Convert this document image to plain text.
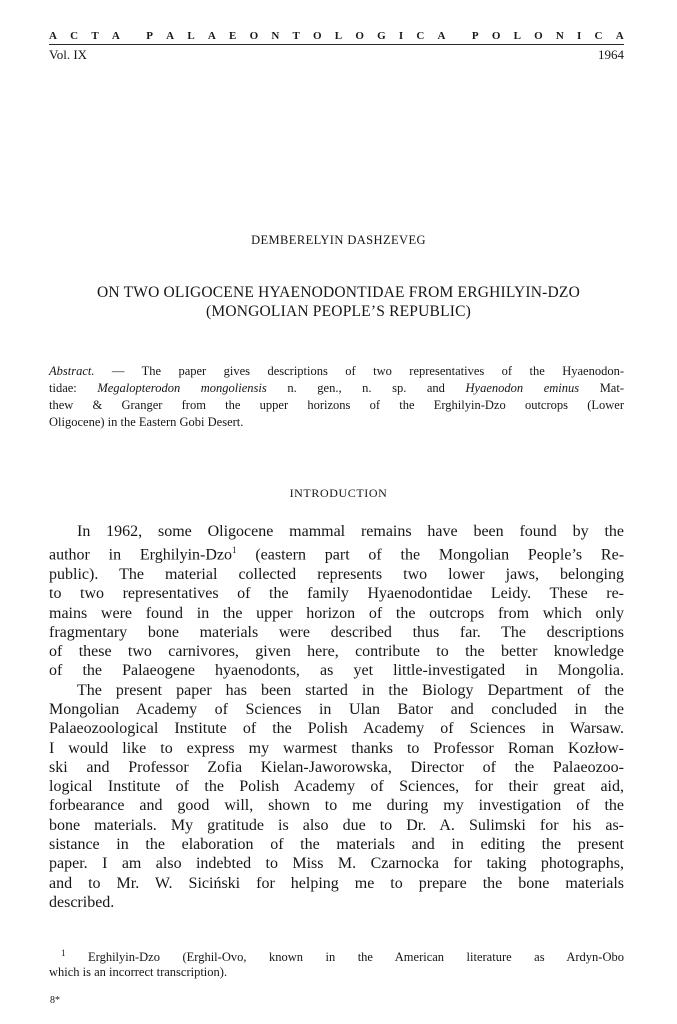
A C T A P A L A E O N T O L O G I C A P O L O N I C A
Vol. IX	1964
DEMBERELYIN DASHZEVEG
ON TWO OLIGOCENE HYAENODONTIDAE FROM ERGHILYIN-DZO
(MONGOLIAN PEOPLE’S REPUBLIC)
Abstract. — The paper gives descriptions of two representatives of the Hyaenodon-
tidae: Megalopterodon mongoliensis n. gen., n. sp. and Hyaenodon eminus Mat-
thew & Granger from the upper horizons of the Erghilyin-Dzo outcrops (Lower
Oligocene) in the Eastern Gobi Desert.
INTRODUCTION
In 1962, some Oligocene mammal remains have been found by the
author in Erghilyin-Dzo$^1$ (eastern part of the Mongolian People’s Re-
public). The material collected represents two lower jaws, belonging
to two representatives of the family Hyaenodontidae Leidy. These re-
mains were found in the upper horizon of the outcrops from which only
fragmentary bone materials were described thus far. The descriptions
of these two carnivores, given here, contribute to the better knowledge
of the Palaeogene hyaenodonts, as yet little-investigated in Mongolia.
The present paper has been started in the Biology Department of the
Mongolian Academy of Sciences in Ulan Bator and concluded in the
Palaeozoological Institute of the Polish Academy of Sciences in Warsaw.
I would like to express my warmest thanks to Professor Roman Kozłow-
ski and Professor Zofia Kielan-Jaworowska, Director of the Palaeozoo-
logical Institute of the Polish Academy of Sciences, for their great aid,
forbearance and good will, shown to me during my investigation of the
bone materials. My gratitude is also due to Dr. A. Sulimski for his as-
sistance in the elaboration of the materials and in editing the present
paper. I am also indebted to Miss M. Czarnocka for taking photographs,
and to Mr. W. Siciński for helping me to prepare the bone materials
described.
$^1$ Erghilyin-Dzo (Erghil-Ovo, known in the American literature as Ardyn-Obo
which is an incorrect transcription).
8*
